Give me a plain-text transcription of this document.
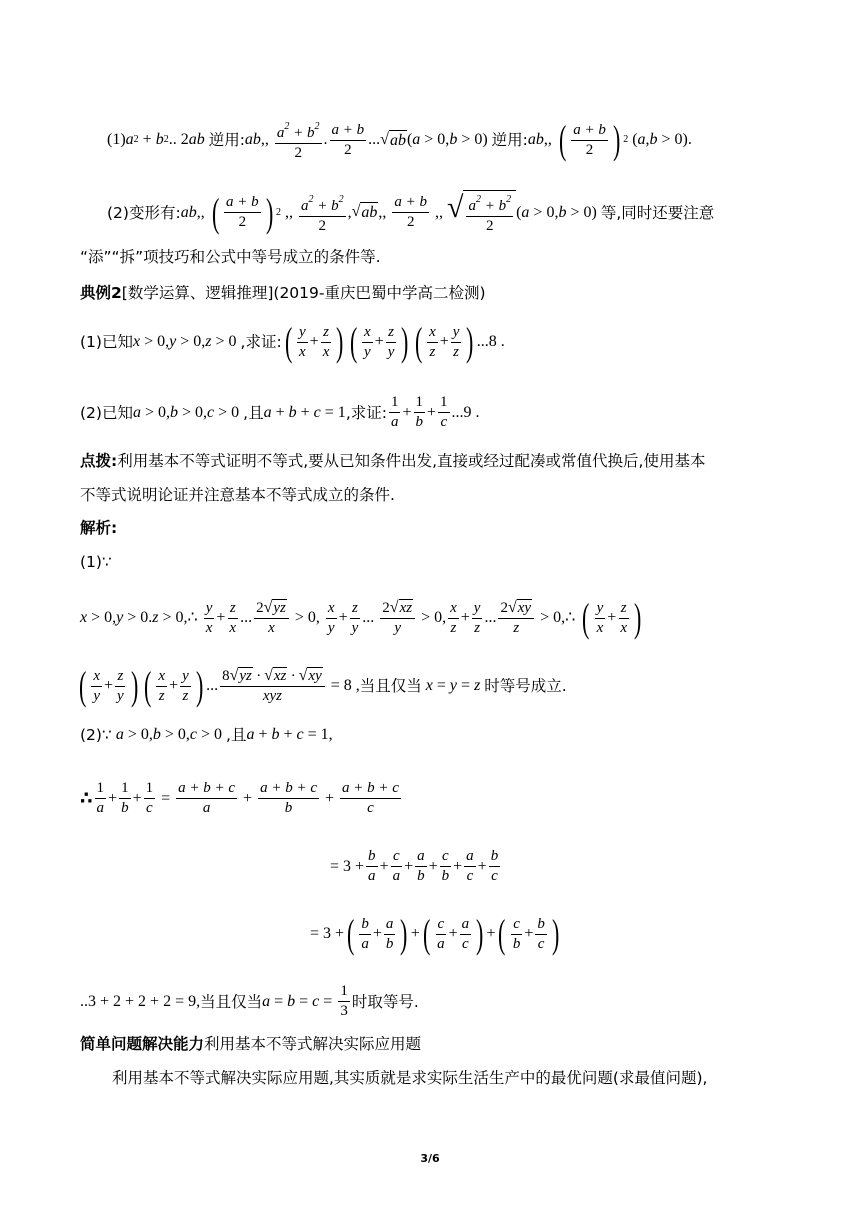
(1) a 2 + b 2 .. 2 ab
逆用: ab ,, $\frac{a^2 + b^2}{2}$ . $\frac{a + b}{2}$ ... √ ab ( a > 0, b > 0 )
逆用: ab ,, ( $\frac{a + b}{2}$ ) 2
( a , b > 0 ) .
(2)变形有: ab ,, ( $\frac{a + b}{2}$ ) 2 ,, $\frac{a^2 + b^2}{2}$ , √ ab ,, $\frac{a + b}{2}$ ,, √ $\frac{a^2 + b^2}{2}$ ( a > 0, b > 0 )
等,同时还要注意
“添”“拆”项技巧和公式中等号成立的条件等.
典例2[数学运算、逻辑推理](2019-重庆巴蜀中学高二检测)
(1)已知 x > 0, y > 0, z > 0 ,求证: ( $\frac{y}{x} + \frac{z}{x}$ ) ( $\frac{x}{y} + \frac{z}{y}$ ) ( $\frac{x}{z} + \frac{y}{z}$ ) ...8 .
(2)已知 a > 0, b > 0, c > 0 ,且 a + b + c = 1 ,求证: $\frac{1}{a} + \frac{1}{b} + \frac{1}{c} ...9$ .
点拨:利用基本不等式证明不等式,要从已知条件出发,直接或经过配凑或常值代换后,使用基本
不等式说明论证并注意基本不等式成立的条件.
解析:
(1)∵
x > 0, y > 0. z > 0,∴ $\frac{y}{x} + \frac{z}{x}$ ... $\frac{2 √ yz}{x} > 0$, $\frac{x}{y} + \frac{z}{y}$ ... $\frac{2 √ xz}{y} > 0$, $\frac{x}{z} + \frac{y}{z}$ ... $\frac{2 √ xy}{z}$ > 0,∴ ( $\frac{y}{x} + \frac{z}{x}$ )
( $\frac{x}{y} + \frac{z}{y}$ ) ( $\frac{x}{z} + \frac{y}{z}$ ) ... $\frac{8 √ yz \cdot √ xz \cdot √ xy}{\text{xyz}} = 8$ , 当且仅当
x = y = z
时等号成立.
(2)∵
a > 0, b > 0, c > 0 ,且 a + b + c = 1,
∴ $\frac{1}{a} + \frac{1}{b} + \frac{1}{c} = \frac{a + b + c}{a} + \frac{a + b + c}{b} + \frac{a + b + c}{c}$
= $3 + \frac{b}{a} + \frac{c}{a} + \frac{a}{b} + \frac{c}{b} + \frac{a}{c} + \frac{b}{c}$
= 3 + ( $\frac{b}{a} + \frac{a}{b}$ ) + ( $\frac{c}{a} + \frac{a}{c}$ ) + ( $\frac{c}{b} + \frac{b}{c}$ )
..3 + 2 + 2 + 2 = 9, 当且仅当 $a = b = c = \frac{1}{3}$ 时取等号.
简单问题解决能力利用基本不等式解决实际应用题
利用基本不等式解决实际应用题,其实质就是求实际生活生产中的最优问题(求最值问题),
3/6
